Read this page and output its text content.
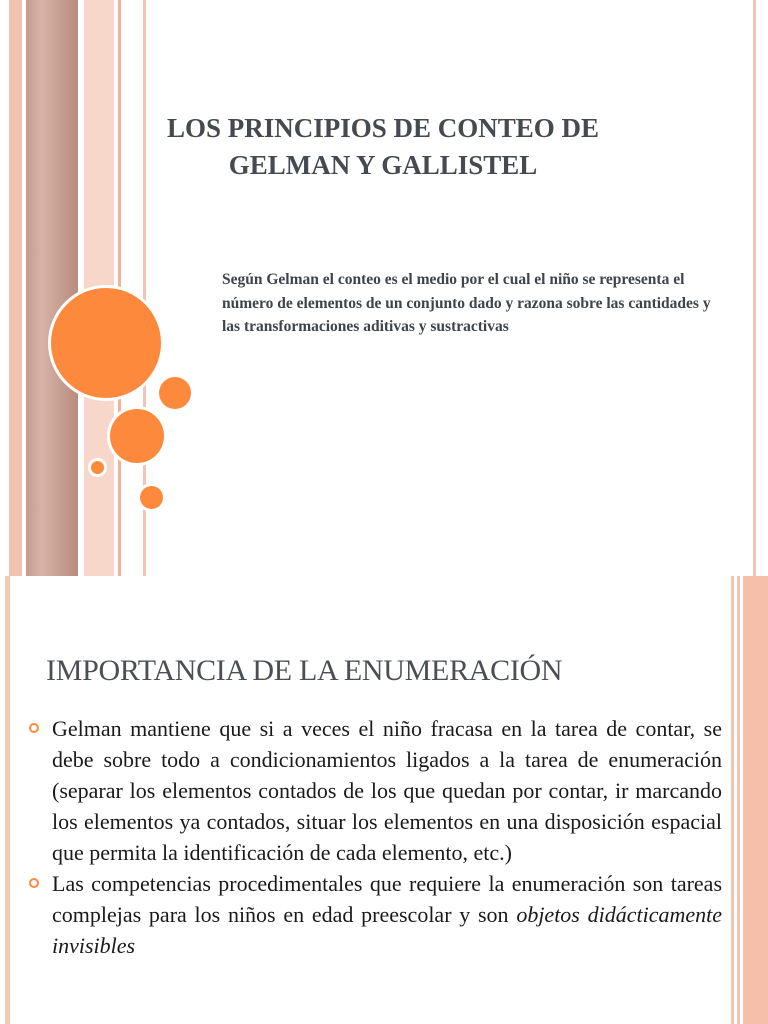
LOS PRINCIPIOS DE CONTEO DE GELMAN Y GALLISTEL

Según Gelman el conteo es el medio por el cual el niño se representa el número de elementos de un conjunto dado y razona sobre las cantidades y las transformaciones aditivas y sustractivas

IMPORTANCIA DE LA ENUMERACIÓN
Gelman mantiene que si a veces el niño fracasa en la tarea de contar, se debe sobre todo a condicionamientos ligados a la tarea de enumeración (separar los elementos contados de los que quedan por contar, ir marcando los elementos ya contados, situar los elementos en una disposición espacial que permita la identificación de cada elemento, etc.)
Las competencias procedimentales que requiere la enumeración son tareas complejas para los niños en edad preescolar y son objetos didácticamente invisibles
